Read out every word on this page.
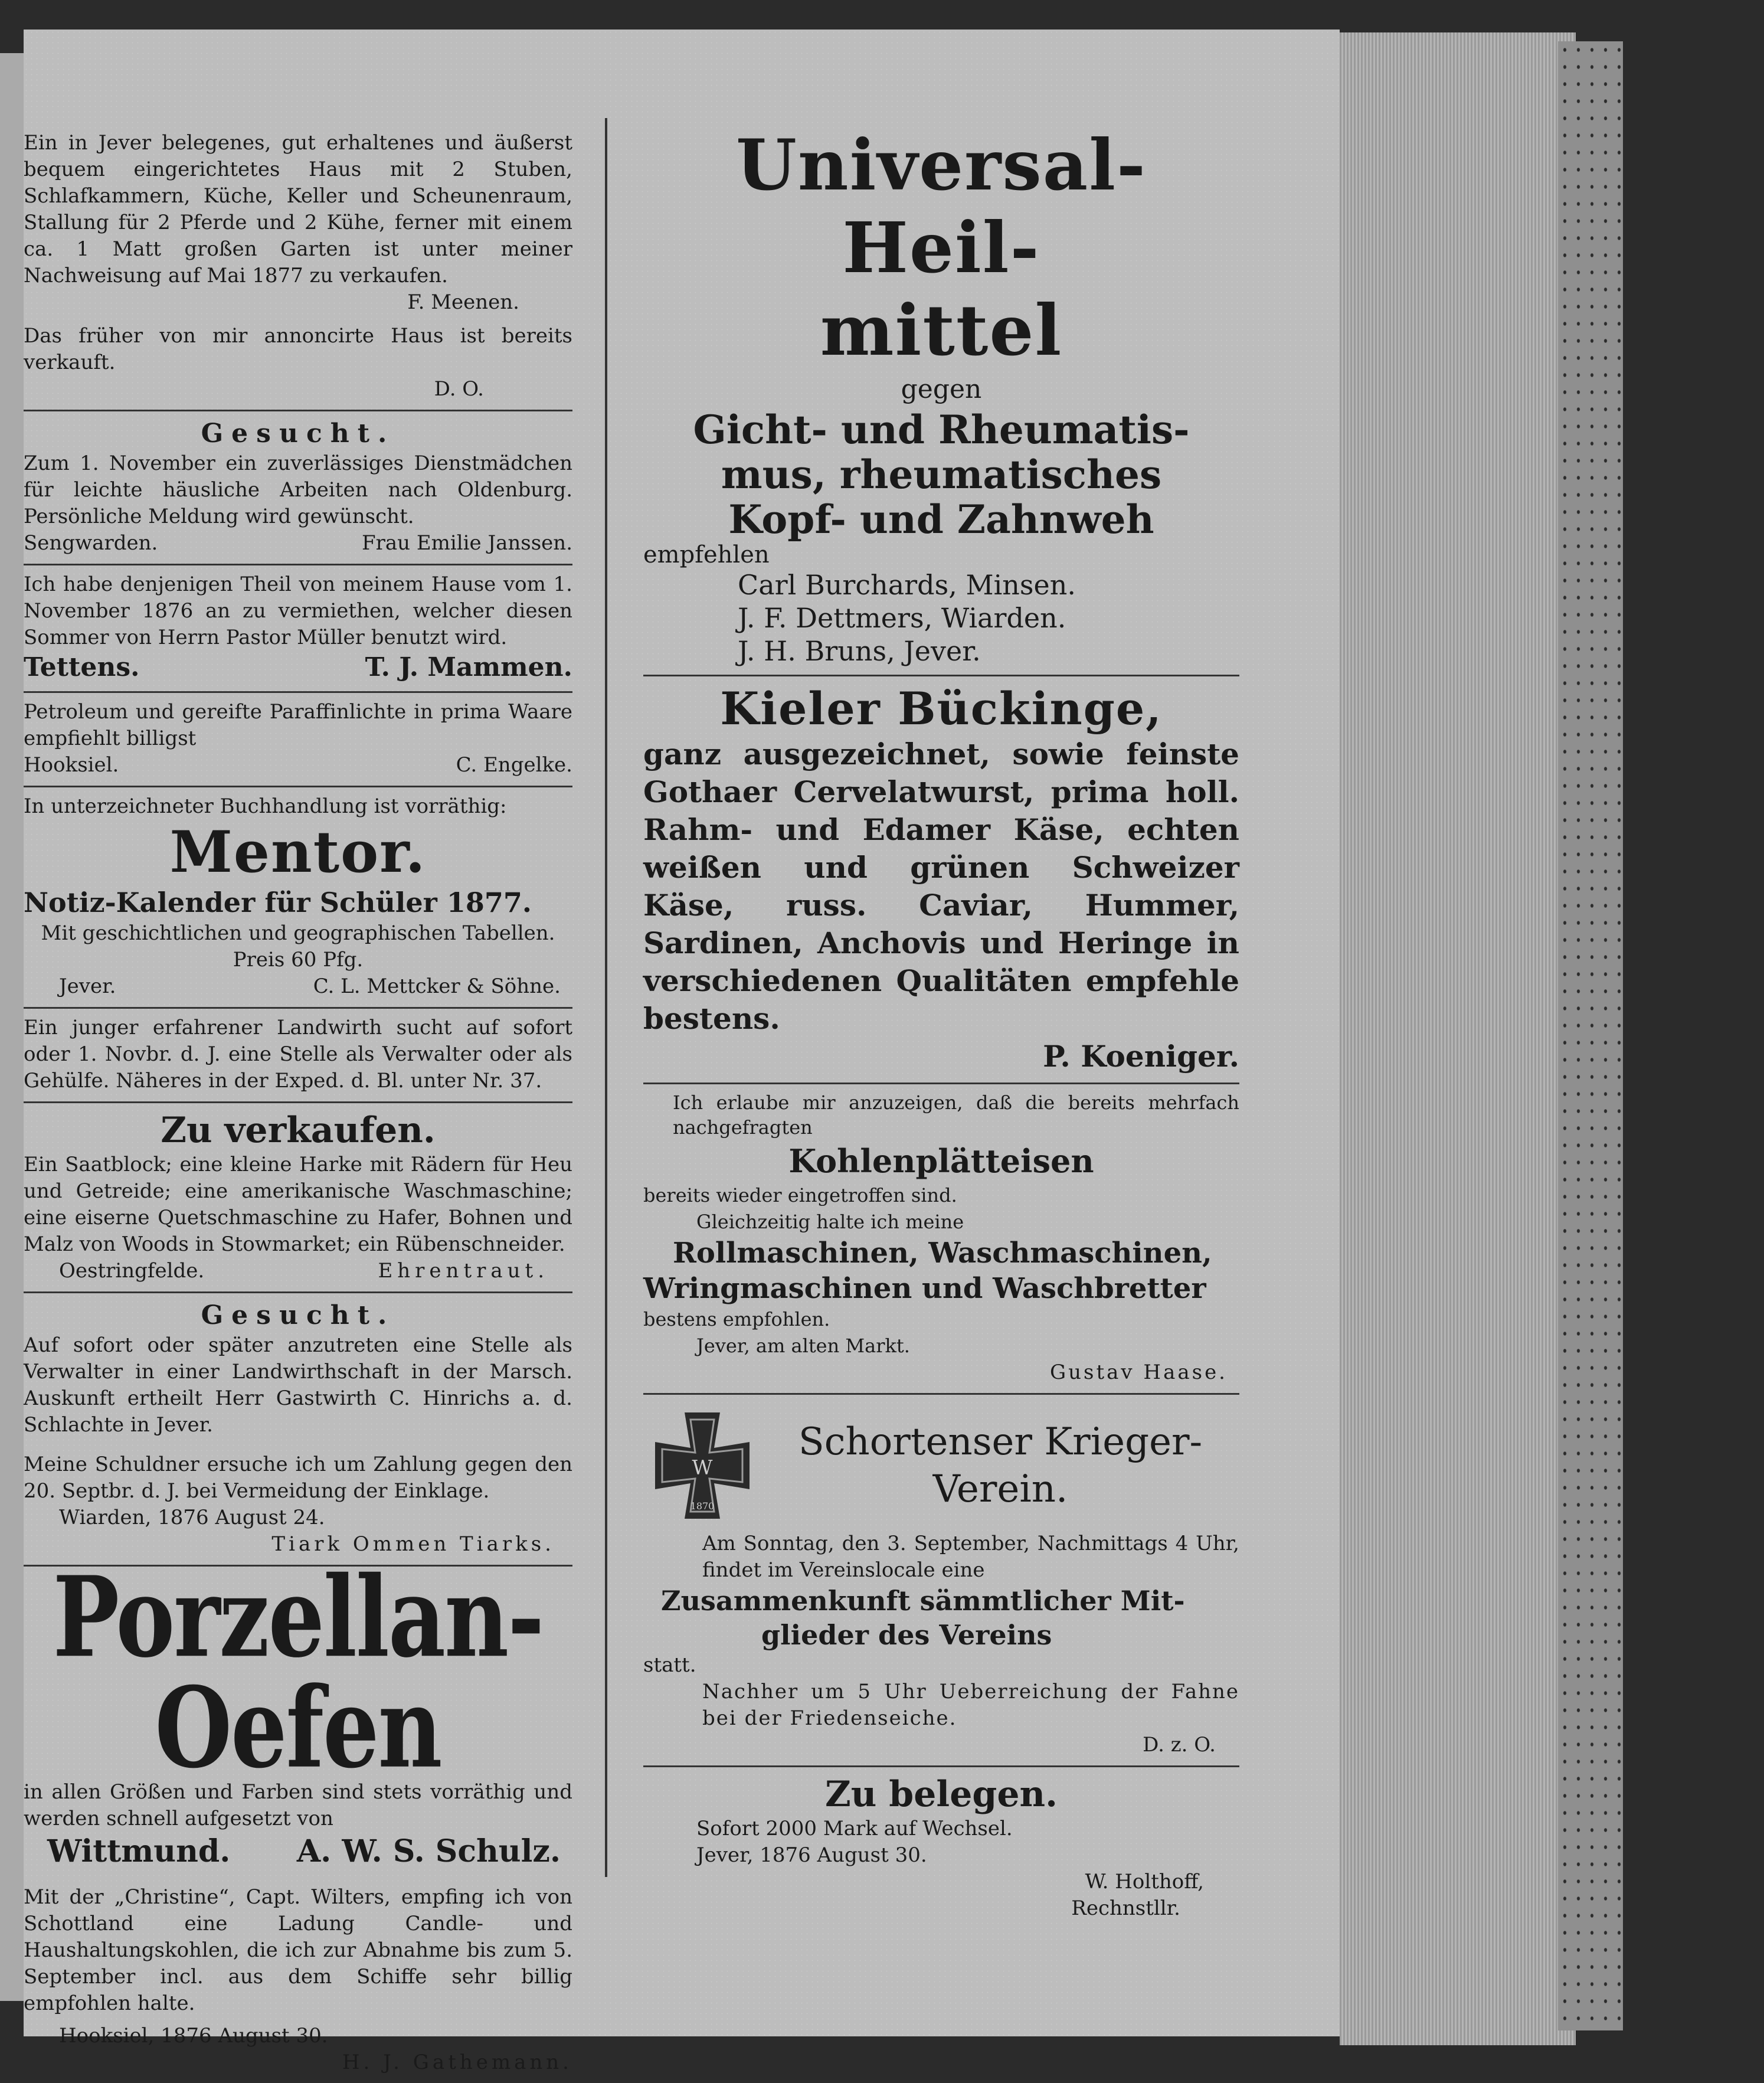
Ein in Jever belegenes, gut erhaltenes und äußerst bequem eingerichtetes Haus mit 2 Stuben, Schlafkammern, Küche, Keller und Scheunenraum, Stallung für 2 Pferde und 2 Kühe, ferner mit einem ca. 1 Matt großen Garten ist unter meiner Nachweisung auf Mai 1877 zu verkaufen.

F. Meenen.

Das früher von mir annoncirte Haus ist bereits verkauft.

D. O.

Gesucht.

Zum 1. November ein zuverlässiges Dienstmädchen für leichte häusliche Arbeiten nach Oldenburg. Persönliche Meldung wird gewünscht.

Sengwarden.	Frau Emilie Janssen.

Ich habe denjenigen Theil von meinem Hause vom 1. November 1876 an zu vermiethen, welcher diesen Sommer von Herrn Pastor Müller benutzt wird.

Tettens.	T. J. Mammen.

Petroleum und gereifte Paraffinlichte in prima Waare empfiehlt billigst

Hooksiel.	C. Engelke.

In unterzeichneter Buchhandlung ist vorräthig:

Mentor.

Notiz-Kalender für Schüler 1877.

Mit geschichtlichen und geographischen Tabellen.

Preis 60 Pfg.

Jever.	C. L. Mettcker & Söhne.

Ein junger erfahrener Landwirth sucht auf sofort oder 1. Novbr. d. J. eine Stelle als Verwalter oder als Gehülfe. Näheres in der Exped. d. Bl. unter Nr. 37.

Zu verkaufen.

Ein Saatblock; eine kleine Harke mit Rädern für Heu und Getreide; eine amerikanische Waschmaschine; eine eiserne Quetschmaschine zu Hafer, Bohnen und Malz von Woods in Stowmarket; ein Rübenschneider.

Oestringfelde.	Ehrentraut.

Gesucht.

Auf sofort oder später anzutreten eine Stelle als Verwalter in einer Landwirthschaft in der Marsch. Auskunft ertheilt Herr Gastwirth C. Hinrichs a. d. Schlachte in Jever.

Meine Schuldner ersuche ich um Zahlung gegen den 20. Septbr. d. J. bei Vermeidung der Einklage.

Wiarden, 1876 August 24.

Tiark Ommen Tiarks.

Porzellan-Oefen

in allen Größen und Farben sind stets vorräthig und werden schnell aufgesetzt von

Wittmund. A. W. S. Schulz.

Mit der „Christine“, Capt. Wilters, empfing ich von Schottland eine Ladung Candle- und Haushaltungskohlen, die ich zur Abnahme bis zum 5. September incl. aus dem Schiffe sehr billig empfohlen halte.

Hooksiel, 1876 August 30.

H. J. Gathemann.

Universal-Heil-

mittel

gegen

Gicht- und Rheumatis-

mus, rheumatisches

Kopf- und Zahnweh

empfehlen

Carl Burchards, Minsen.

J. F. Dettmers, Wiarden.

J. H. Bruns, Jever.

Kieler Bückinge,

ganz ausgezeichnet, sowie feinste Gothaer Cervelatwurst, prima holl. Rahm- und Edamer Käse, echten weißen und grünen Schweizer Käse, russ. Caviar, Hummer, Sardinen, Anchovis und Heringe in verschiedenen Qualitäten empfehle bestens.

P. Koeniger.

Ich erlaube mir anzuzeigen, daß die bereits mehrfach nachgefragten

Kohlenplätteisen

bereits wieder eingetroffen sind.

Gleichzeitig halte ich meine

Rollmaschinen, Waschmaschinen,

Wringmaschinen und Waschbretter

bestens empfohlen.

Jever, am alten Markt.

Gustav Haase.
W
1870

Schortenser Krieger-

Verein.

Am Sonntag, den 3. September, Nachmittags 4 Uhr, findet im Vereinslocale eine

Zusammenkunft sämmtlicher Mit-

glieder des Vereins

statt.

Nachher um 5 Uhr Ueberreichung der Fahne bei der Friedenseiche.

D. z. O.

Zu belegen.

Sofort 2000 Mark auf Wechsel.

Jever, 1876 August 30.

W. Holthoff,
Rechnstllr.
